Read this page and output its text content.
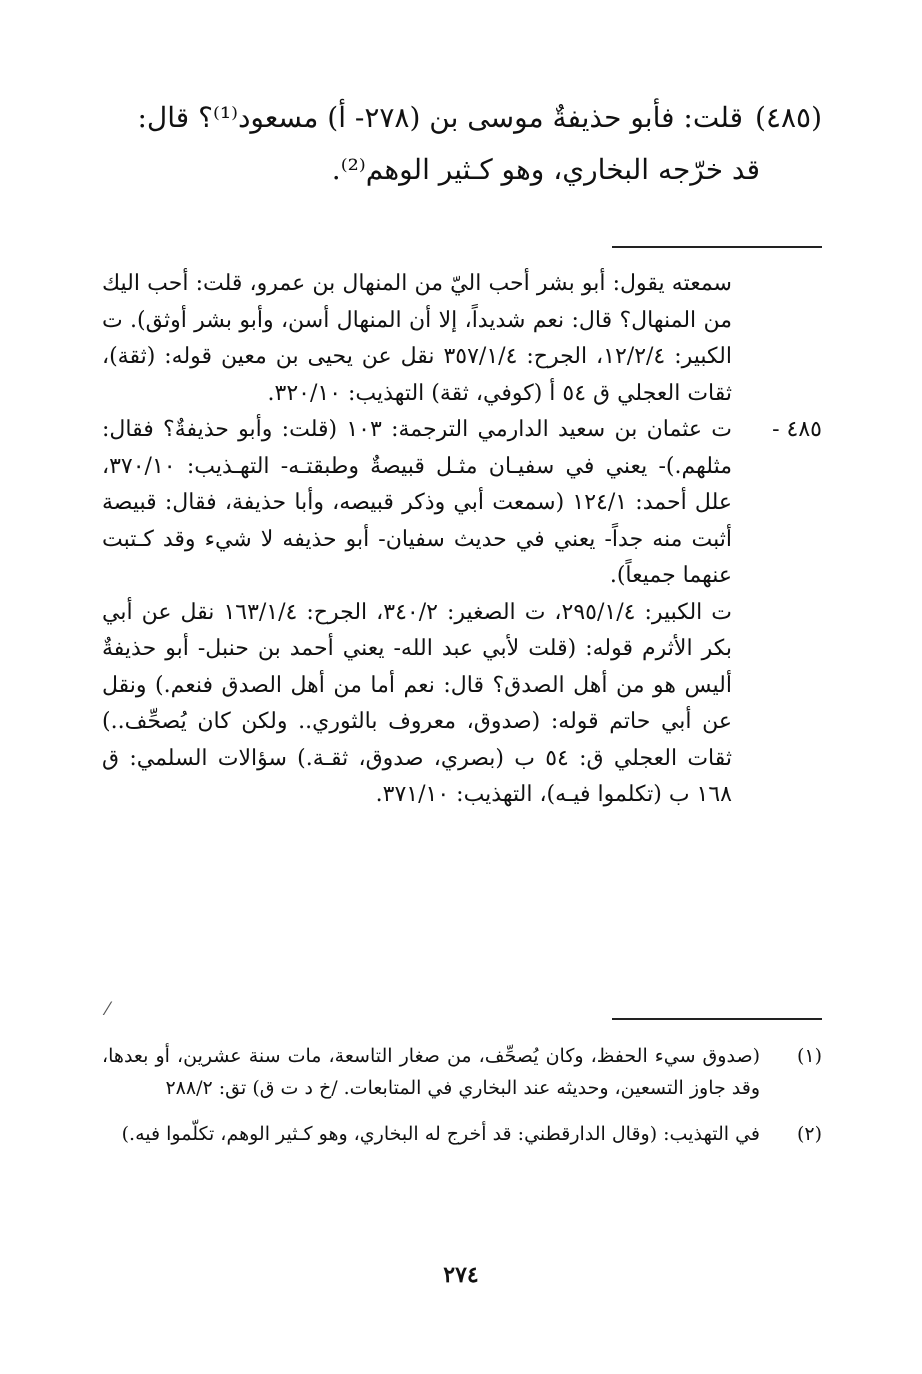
(٤٨٥)قلت: فأبو حذيفةٌ موسى بن (٢٧٨- أ) مسعود⁽¹⁾؟ قال:

قد خرّجه البخاري، وهو كـثير الوهم⁽²⁾.

سمعته يقول: أبو بشر أحب اليّ من المنهال بن عمرو، قلت: أحب اليك من المنهال؟ قال: نعم شديداً، إلا أن المنهال أسن، وأبو بشر أوثق). ت الكبير: ١٢/٢/٤، الجرح: ٣٥٧/١/٤ نقل عن يحيى بن معين قوله: (ثقة)، ثقات العجلي ق ٥٤ أ (كوفي، ثقة) التهذيب: ٣٢٠/١٠.
٤٨٥ -
ت عثمان بن سعيد الدارمي الترجمة: ١٠٣ (قلت: وأبو حذيفةٌ؟ فقال: مثلهم.)- يعني في سفيـان مثـل قبيصةٌ وطبقتـه- التهـذيب: ٣٧٠/١٠، علل أحمد: ١٢٤/١ (سمعت أبي وذكر قبيصه، وأبا حذيفة، فقال: قبيصة أثبت منه جداً- يعني في حديث سفيان- أبو حذيفه لا شيء وقد كـتبت عنهما جميعاً).
ت الكبير: ٢٩٥/١/٤، ت الصغير: ٣٤٠/٢، الجرح: ١٦٣/١/٤ نقل عن أبي بكر الأثرم قوله: (قلت لأبي عبد الله- يعني أحمد بن حنبل- أبو حذيفةٌ أليس هو من أهل الصدق؟ قال: نعم أما من أهل الصدق فنعم.) ونقل عن أبي حاتم قوله: (صدوق، معروف بالثوري.. ولكن كان يُصحِّف..) ثقات العجلي ق: ٥٤ ب (بصري، صدوق، ثقـة.) سؤالات السلمي: ق ١٦٨ ب (تكلموا فيـه)، التهذيب: ٣٧١/١٠.
⁄
(١)
(صدوق سيء الحفظ، وكان يُصحِّف، من صغار التاسعة، مات سنة عشرين، أو بعدها، وقد جاوز التسعين، وحديثه عند البخاري في المتابعات. /خ د ت ق) تق: ٢٨٨/٢
(٢)
في التهذيب: (وقال الدارقطني: قد أخرج له البخاري، وهو كـثير الوهم، تكلّموا فيه.)
٢٧٤
